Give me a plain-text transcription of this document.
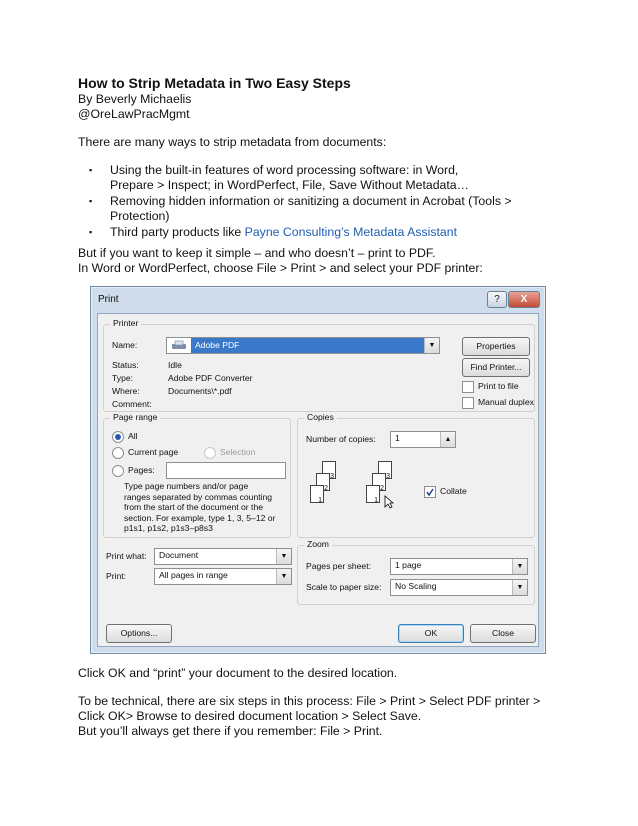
How to Strip Metadata in Two Easy Steps
By Beverly Michaelis
@OreLawPracMgmt
There are many ways to strip metadata from documents:
▪ Using the built-in features of word processing software: in Word,
Prepare > Inspect; in WordPerfect, File, Save Without Metadata…
▪ Removing hidden information or sanitizing a document in Acrobat (Tools >
Protection)
▪ Third party products like Payne Consulting’s Metadata Assistant
But if you want to keep it simple – and who doesn’t – print to PDF.
In Word or WordPerfect, choose File > Print > and select your PDF printer:
Print	?	X
Printer
Name:	Adobe PDF	▼
Status:	Idle
Type:	Adobe PDF Converter
Where:	Documents\*.pdf
Comment:
Properties
Find Printer...
Print to file
Manual duplex
Page range
All
Current page	Selection
Pages:
Type page numbers and/or page
ranges separated by commas counting
from the start of the document or the
section. For example, type 1, 3, 5–12 or
p1s1, p1s2, p1s3–p8s3
Copies
Number of copies: 1	▲
3
2
1
3
2
1
Collate
Print what: Document	▼
Print:	All pages in range	▼
Zoom
Pages per sheet:	1 page	▼
Scale to paper size: No Scaling	▼
Options...	OK	Close
Click OK and “print” your document to the desired location.
To be technical, there are six steps in this process: File > Print > Select PDF printer >
Click OK> Browse to desired document location > Select Save.
But you’ll always get there if you remember: File > Print.
